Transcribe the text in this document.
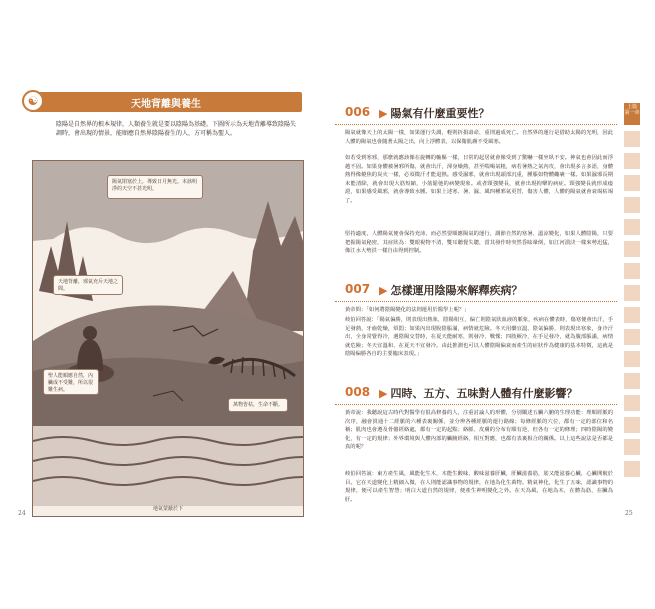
☯	天地背離與養生
陰陽是自然界的根本規律，人類養生就是要以陰陽為基礎。下圖所示為天地背離導致陰陽失調時，會出現的情景，能順應自然界陰陽養生的人，方可稱為聖人。
陽氣閉塞於上，導致日月無光。本該明淨的天空不甚光明。
天地背離，邪氣充斥天地之間。
聖人能順應自然，內臟成不受難，所以很難生病。
萬物皆枯，生命不斷。
地氣蒙蔽於下
24
006 ▶ 陽氣有什麼重要性？
陽氣就像天上的太陽一樣，如果運行失調，輕則折損壽命，重則過成死亡。自然界的運行是借助太陽的光明，因此人體的陽氣也會隨著太陽之出，向上浮體表，以保衛肌膚不受風寒。
如若受到寒邪，那麼就應該像在旋轉的軸樞一樣，日常的起居就會像受到了驚嚇一樣坐臥不安。神氣也會因此而浮越不固。如果身體被暑邪所傷，就會出汗，渾身燥熱，甚至喘喝氣粗，病若暑熱之氣內攻，會出現多言多語，身體熱得像燒焦的炭火一樣，必須微汗才能退熱。感受濕邪，就會出現頭部沉重，腫脹如物體纏裹一樣。如果濕邪長期未能清除，就會出現大筋短縮，小筋鬆弛的病變現象。或者頸強變長，就會出現拘攣的病症。頸強變長就形成痿證，如果感受風邪，就會導致水腫。如果上述寒、暑、濕、風四種邪氣更替，傷害人體，人體的陽氣就會衰竭枯竭了。
堅持適度，人體陽氣便會保持充沛，而必然要順應陽氣的運行，調節自然的寒暑、溫涼變化，如果人體陰陽，只要把握陽氣秘密，其症狀為：雙眼視物不清，雙耳聽覺失聰，當其發作時突然昏眩暈倒，如江河潰決一樣來勢迅猛，像江水大勢洪一樣自由得到控制。
007 ▶ 怎樣運用陰陽來解釋疾病？
黃帝問：「如何將陰陽變化的法則運用於醫學上呢？」
岐伯回答說：「陽氣偏勝，則表現出熱象，陰陽相互，偏亡則陰氣狀血液的脈象，疾病在體表時，傷寒便會出汗，手足發熱，牙齒乾燥，煩悶；如果內出現脫陰脹滿，病情就危險。冬天用藥宜溫，陰氣偏勝，則表現出寒象，身冷汗出，全身常覺得冷，遇陰陽交替時，在夏天能耐寒，則發冷、戰慄；四肢厥冷，在手足發冷，就為腹部脹滿，病情就危險；冬天宜溫和，在夏天不宜發冷。由此推測也可以人體陰陽偏衰而產生的症狀作為健康的基本特徵，這就是陰陽偏勝各自的主要臨床表現。」
008 ▶ 四時、五方、五味對人體有什麼影響？
黃帝說：我聽說這古時代對醫學有很高修養的人，注重討論人的形體，分別闡述五臟六腑的生理功能：理順經脈的次序，融會貫通十二經脈的六種表裏關係，並分辨各種經脈的運行路線；每條經脈的穴位，都有一定的部位和名稱；肌肉也會遵及骨骼經絡處，都有一定的起點；絡脈、皮膚的分布有順有逆，但各有一定的條理；四時陰陽的變化，有一定的規律；外界環境與人體內部的臟腑經絡，相互對應，也都有表裏相合的關係。以上這些說法是否都是真的呢？
岐伯回答說：東方產生風，風能化生木，木能生酸味，酸味滋養肝臟，肝臟滋養筋，筋又能滋養心臟，心臟開竅於目。它在天道變化上精細入微，在人則能認識事物的規律，在地為化生萬物。精氣神化，化生了五味，認識事物的規律，便可以產生智慧；明白大道自然的規律，便產生神明變化之外。在天為風，在地為木，在體為筋，在臟為肝。
上篇
第一章
25
